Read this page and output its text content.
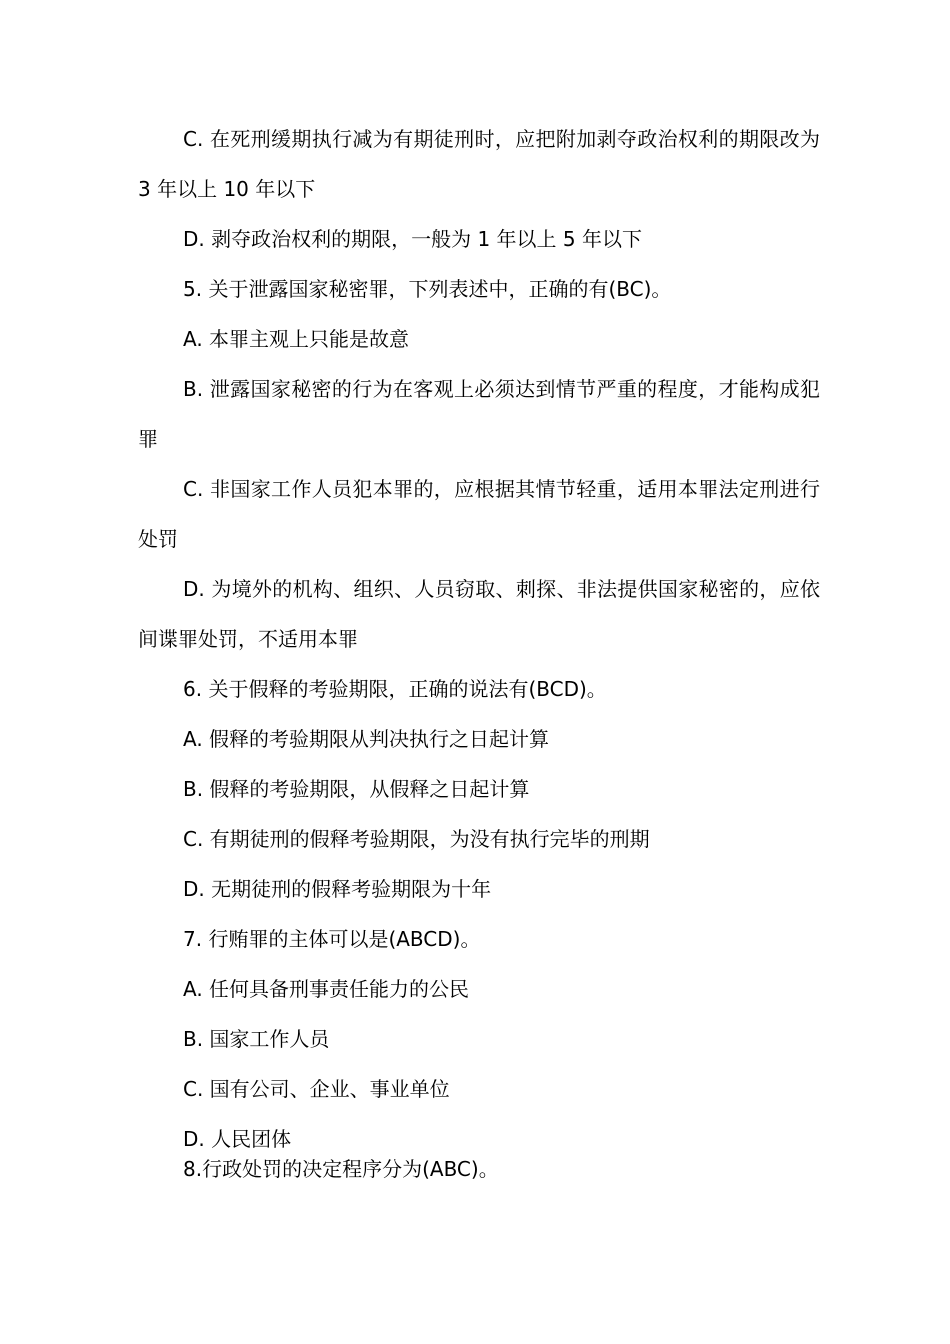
C. 在死刑缓期执行减为有期徒刑时，应把附加剥夺政治权利的期限改为 3 年以上 10 年以下

D. 剥夺政治权利的期限，一般为 1 年以上 5 年以下

5. 关于泄露国家秘密罪，下列表述中，正确的有(BC)。

A. 本罪主观上只能是故意

B. 泄露国家秘密的行为在客观上必须达到情节严重的程度，才能构成犯罪

C. 非国家工作人员犯本罪的，应根据其情节轻重，适用本罪法定刑进行处罚

D. 为境外的机构、组织、人员窃取、刺探、非法提供国家秘密的，应依间谍罪处罚，不适用本罪

6. 关于假释的考验期限，正确的说法有(BCD)。

A. 假释的考验期限从判决执行之日起计算

B. 假释的考验期限，从假释之日起计算

C. 有期徒刑的假释考验期限，为没有执行完毕的刑期

D. 无期徒刑的假释考验期限为十年

7. 行贿罪的主体可以是(ABCD)。

A. 任何具备刑事责任能力的公民

B. 国家工作人员

C. 国有公司、企业、事业单位

D. 人民团体

8.行政处罚的决定程序分为(ABC)。
